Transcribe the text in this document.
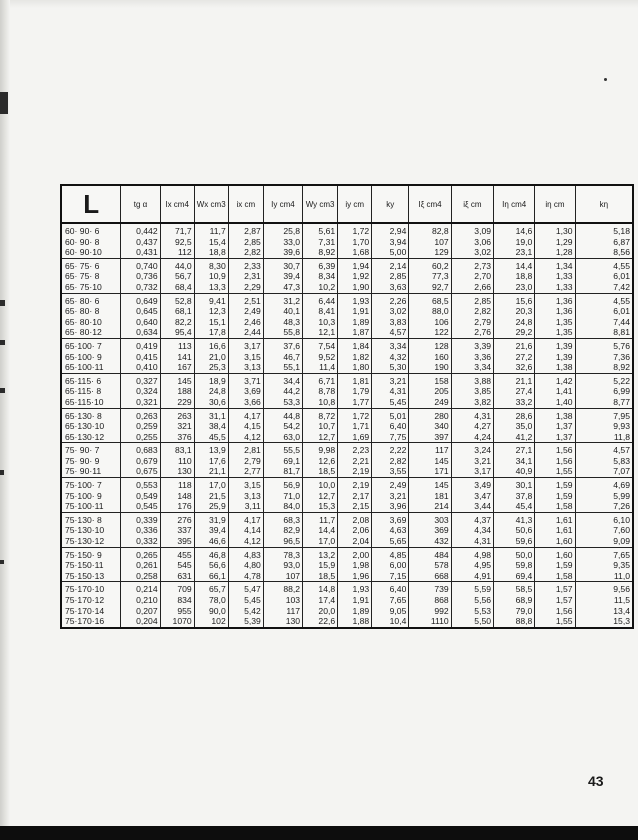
L	tg α	Ix cm4	Wx cm3	ix cm	Iy cm4	Wy cm3	iy cm	ky	Iξ cm4	iξ cm	Iη cm4	iη cm	kη
60· 90· 6	0,442	71,7	11,7	2,87	25,8	5,61	1,72	2,94	82,8	3,09	14,6	1,30	5,18
60· 90· 8	0,437	92,5	15,4	2,85	33,0	7,31	1,70	3,94	107	3,06	19,0	1,29	6,87
60· 90·10	0,431	112	18,8	2,82	39,6	8,92	1,68	5,00	129	3,02	23,1	1,28	8,56
65· 75· 6	0,740	44,0	8,30	2,33	30,7	6,39	1,94	2,14	60,2	2,73	14,4	1,34	4,55
65· 75· 8	0,736	56,7	10,9	2,31	39,4	8,34	1,92	2,85	77,3	2,70	18,8	1,33	6,01
65· 75·10	0,732	68,4	13,3	2,29	47,3	10,2	1,90	3,63	92,7	2,66	23,0	1,33	7,42
65· 80· 6	0,649	52,8	9,41	2,51	31,2	6,44	1,93	2,26	68,5	2,85	15,6	1,36	4,55
65· 80· 8	0,645	68,1	12,3	2,49	40,1	8,41	1,91	3,02	88,0	2,82	20,3	1,36	6,01
65· 80·10	0,640	82,2	15,1	2,46	48,3	10,3	1,89	3,83	106	2,79	24,8	1,35	7,44
65· 80·12	0,634	95,4	17,8	2,44	55,8	12,1	1,87	4,57	122	2,76	29,2	1,35	8,81
65·100· 7	0,419	113	16,6	3,17	37,6	7,54	1,84	3,34	128	3,39	21,6	1,39	5,76
65·100· 9	0,415	141	21,0	3,15	46,7	9,52	1,82	4,32	160	3,36	27,2	1,39	7,36
65·100·11	0,410	167	25,3	3,13	55,1	11,4	1,80	5,30	190	3,34	32,6	1,38	8,92
65·115· 6	0,327	145	18,9	3,71	34,4	6,71	1,81	3,21	158	3,88	21,1	1,42	5,22
65·115· 8	0,324	188	24,8	3,69	44,2	8,78	1,79	4,31	205	3,85	27,4	1,41	6,99
65·115·10	0,321	229	30,6	3,66	53,3	10,8	1,77	5,45	249	3,82	33,2	1,40	8,77
65·130· 8	0,263	263	31,1	4,17	44,8	8,72	1,72	5,01	280	4,31	28,6	1,38	7,95
65·130·10	0,259	321	38,4	4,15	54,2	10,7	1,71	6,40	340	4,27	35,0	1,37	9,93
65·130·12	0,255	376	45,5	4,12	63,0	12,7	1,69	7,75	397	4,24	41,2	1,37	11,8
75· 90· 7	0,683	83,1	13,9	2,81	55,5	9,98	2,23	2,22	117	3,24	27,1	1,56	4,57
75· 90· 9	0,679	110	17,6	2,79	69,1	12,6	2,21	2,82	145	3,21	34,1	1,56	5,83
75· 90·11	0,675	130	21,1	2,77	81,7	18,5	2,19	3,55	171	3,17	40,9	1,55	7,07
75·100· 7	0,553	118	17,0	3,15	56,9	10,0	2,19	2,49	145	3,49	30,1	1,59	4,69
75·100· 9	0,549	148	21,5	3,13	71,0	12,7	2,17	3,21	181	3,47	37,8	1,59	5,99
75·100·11	0,545	176	25,9	3,11	84,0	15,3	2,15	3,96	214	3,44	45,4	1,58	7,26
75·130· 8	0,339	276	31,9	4,17	68,3	11,7	2,08	3,69	303	4,37	41,3	1,61	6,10
75·130·10	0,336	337	39,4	4,14	82,9	14,4	2,06	4,63	369	4,34	50,6	1,61	7,60
75·130·12	0,332	395	46,6	4,12	96,5	17,0	2,04	5,65	432	4,31	59,6	1,60	9,09
75·150· 9	0,265	455	46,8	4,83	78,3	13,2	2,00	4,85	484	4,98	50,0	1,60	7,65
75·150·11	0,261	545	56,6	4,80	93,0	15,9	1,98	6,00	578	4,95	59,8	1,59	9,35
75·150·13	0,258	631	66,1	4,78	107	18,5	1,96	7,15	668	4,91	69,4	1,58	11,0
75·170·10	0,214	709	65,7	5,47	88,2	14,8	1,93	6,40	739	5,59	58,5	1,57	9,56
75·170·12	0,210	834	78,0	5,45	103	17,4	1,91	7,65	868	5,56	68,9	1,57	11,5
75·170·14	0,207	955	90,0	5,42	117	20,0	1,89	9,05	992	5,53	79,0	1,56	13,4
75·170·16	0,204	1070	102	5,39	130	22,6	1,88	10,4	1110	5,50	88,8	1,55	15,3
43
